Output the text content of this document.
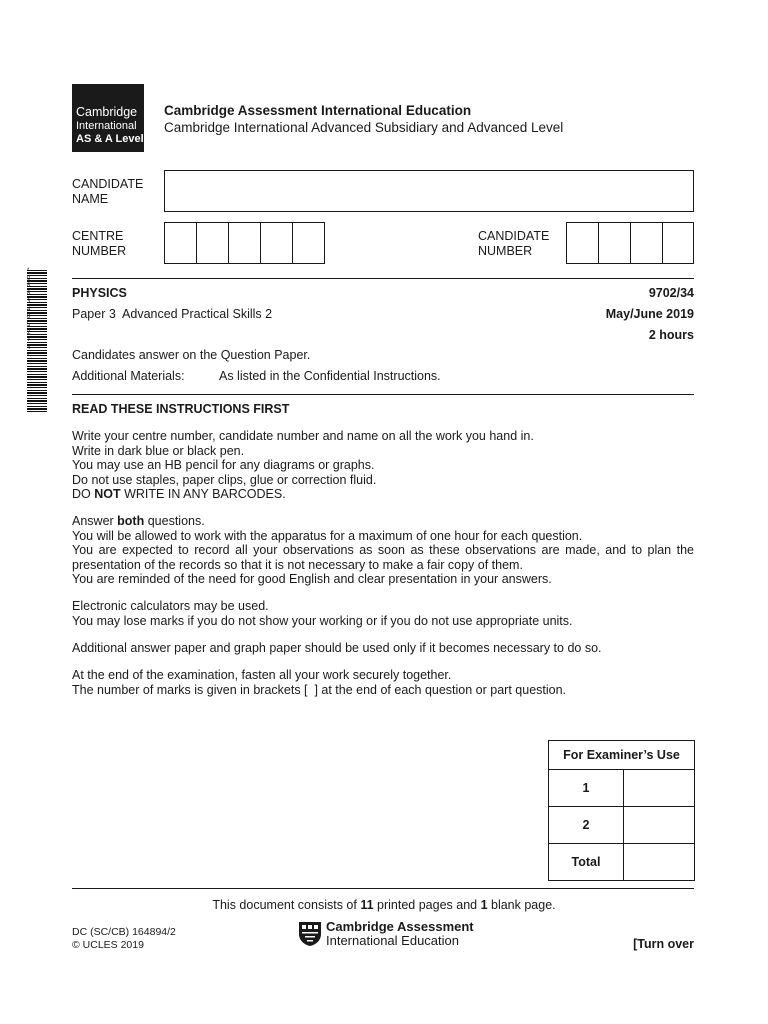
*
0
8
8
3
4
0
5
2
7
4
*
Cambridge
International
AS & A Level
Cambridge Assessment International Education
Cambridge International Advanced Subsidiary and Advanced Level
CANDIDATE
NAME
CENTRE
NUMBER
CANDIDATE
NUMBER
PHYSICS	9702/34
Paper 3  Advanced Practical Skills 2	May/June 2019
2 hours
Candidates answer on the Question Paper.
Additional Materials:	As listed in the Confidential Instructions.
READ THESE INSTRUCTIONS FIRST

Write your centre number, candidate number and name on all the work you hand in.

Write in dark blue or black pen.

You may use an HB pencil for any diagrams or graphs.

Do not use staples, paper clips, glue or correction fluid.

DO NOT WRITE IN ANY BARCODES.

Answer both questions.

You will be allowed to work with the apparatus for a maximum of one hour for each question.

You are expected to record all your observations as soon as these observations are made, and to plan the presentation of the records so that it is not necessary to make a fair copy of them.

You are reminded of the need for good English and clear presentation in your answers.

Electronic calculators may be used.

You may lose marks if you do not show your working or if you do not use appropriate units.

Additional answer paper and graph paper should be used only if it becomes necessary to do so.

At the end of the examination, fasten all your work securely together.

The number of marks is given in brackets [  ] at the end of each question or part question.

For Examiner’s Use	
1	
2	
Total	
This document consists of 11 printed pages and 1 blank page.
DC (SC/CB) 164894/2
© UCLES 2019
Cambridge Assessment
International Education	[Turn over
